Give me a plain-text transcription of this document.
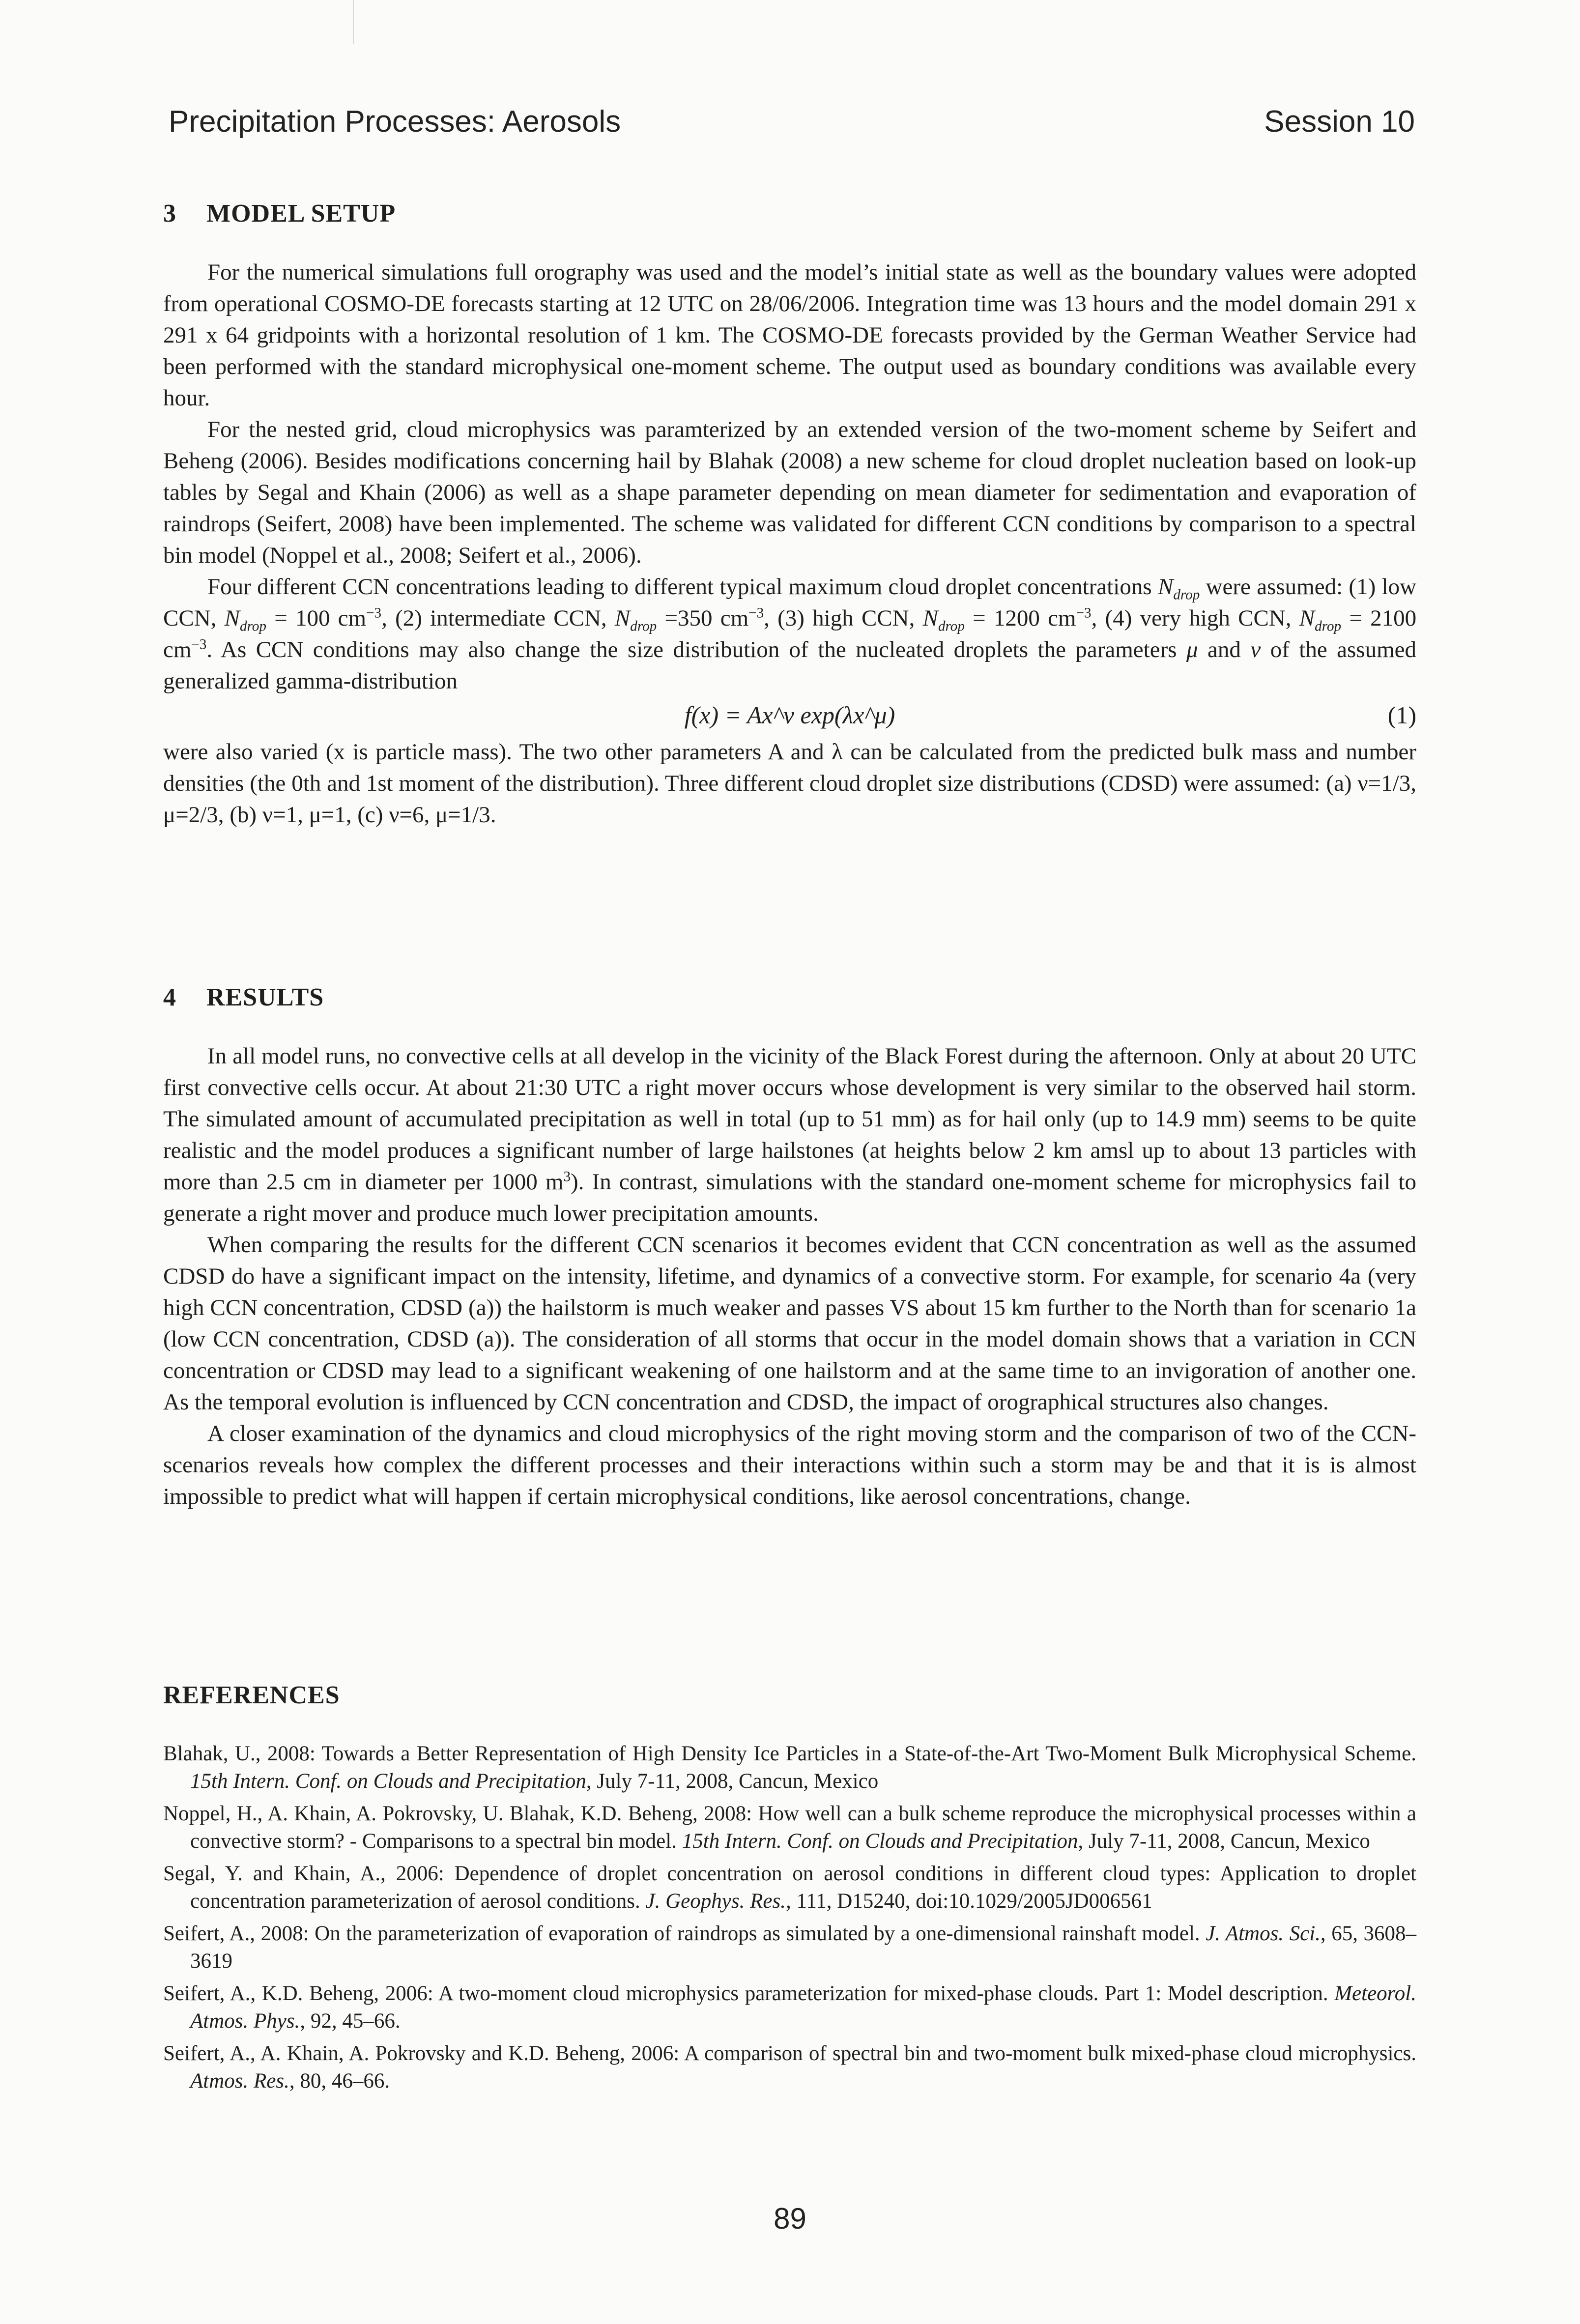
Precipitation Processes: Aerosols	Session 10
3 MODEL SETUP

For the numerical simulations full orography was used and the model’s initial state as well as the boundary values were adopted from operational COSMO-DE forecasts starting at 12 UTC on 28/06/2006. Integration time was 13 hours and the model domain 291 x 291 x 64 gridpoints with a horizontal resolution of 1 km. The COSMO-DE forecasts provided by the German Weather Service had been performed with the standard microphysical one-moment scheme. The output used as boundary conditions was available every hour.

For the nested grid, cloud microphysics was paramterized by an extended version of the two-moment scheme by Seifert and Beheng (2006). Besides modifications concerning hail by Blahak (2008) a new scheme for cloud droplet nucleation based on look-up tables by Segal and Khain (2006) as well as a shape parameter depending on mean diameter for sedimentation and evaporation of raindrops (Seifert, 2008) have been implemented. The scheme was validated for different CCN conditions by comparison to a spectral bin model (Noppel et al., 2008; Seifert et al., 2006).

Four different CCN concentrations leading to different typical maximum cloud droplet concentrations $N_{drop}$ were assumed: (1) low CCN, $N_{drop} = 100$ $cm^{-3}$, (2) intermediate CCN, $N_{drop} =350$ $cm^{-3}$, (3) high CCN, $N_{drop} = 1200$ $cm^{-3}$, (4) very high CCN, $N_{drop} = 2100$ $cm^{-3}$. As CCN conditions may also change the size distribution of the nucleated droplets the parameters μ and ν of the assumed generalized gamma-distribution

f(x) = Ax^ν exp(λx^μ)	(1)

were also varied (x is particle mass). The two other parameters A and λ can be calculated from the predicted bulk mass and number densities (the 0th and 1st moment of the distribution). Three different cloud droplet size distributions (CDSD) were assumed: (a) ν=1/3, μ=2/3, (b) ν=1, μ=1, (c) ν=6, μ=1/3.

4 RESULTS

In all model runs, no convective cells at all develop in the vicinity of the Black Forest during the afternoon. Only at about 20 UTC first convective cells occur. At about 21:30 UTC a right mover occurs whose development is very similar to the observed hail storm. The simulated amount of accumulated precipitation as well in total (up to 51 mm) as for hail only (up to 14.9 mm) seems to be quite realistic and the model produces a significant number of large hailstones (at heights below 2 km amsl up to about 13 particles with more than 2.5 cm in diameter per 1000 $m^3$). In contrast, simulations with the standard one-moment scheme for microphysics fail to generate a right mover and produce much lower precipitation amounts.

When comparing the results for the different CCN scenarios it becomes evident that CCN concentration as well as the assumed CDSD do have a significant impact on the intensity, lifetime, and dynamics of a convective storm. For example, for scenario 4a (very high CCN concentration, CDSD (a)) the hailstorm is much weaker and passes VS about 15 km further to the North than for scenario 1a (low CCN concentration, CDSD (a)). The consideration of all storms that occur in the model domain shows that a variation in CCN concentration or CDSD may lead to a significant weakening of one hailstorm and at the same time to an invigoration of another one. As the temporal evolution is influenced by CCN concentration and CDSD, the impact of orographical structures also changes.

A closer examination of the dynamics and cloud microphysics of the right moving storm and the comparison of two of the CCN-scenarios reveals how complex the different processes and their interactions within such a storm may be and that it is is almost impossible to predict what will happen if certain microphysical conditions, like aerosol concentrations, change.

REFERENCES

Blahak, U., 2008: Towards a Better Representation of High Density Ice Particles in a State-of-the-Art Two-Moment Bulk Microphysical Scheme. 15th Intern. Conf. on Clouds and Precipitation, July 7-11, 2008, Cancun, Mexico

Noppel, H., A. Khain, A. Pokrovsky, U. Blahak, K.D. Beheng, 2008: How well can a bulk scheme reproduce the microphysical processes within a convective storm? - Comparisons to a spectral bin model. 15th Intern. Conf. on Clouds and Precipitation, July 7-11, 2008, Cancun, Mexico

Segal, Y. and Khain, A., 2006: Dependence of droplet concentration on aerosol conditions in different cloud types: Application to droplet concentration parameterization of aerosol conditions. J. Geophys. Res., 111, D15240, doi:10.1029/2005JD006561

Seifert, A., 2008: On the parameterization of evaporation of raindrops as simulated by a one-dimensional rainshaft model. J. Atmos. Sci., 65, 3608–3619

Seifert, A., K.D. Beheng, 2006: A two-moment cloud microphysics parameterization for mixed-phase clouds. Part 1: Model description. Meteorol. Atmos. Phys., 92, 45–66.

Seifert, A., A. Khain, A. Pokrovsky and K.D. Beheng, 2006: A comparison of spectral bin and two-moment bulk mixed-phase cloud microphysics. Atmos. Res., 80, 46–66.

89
